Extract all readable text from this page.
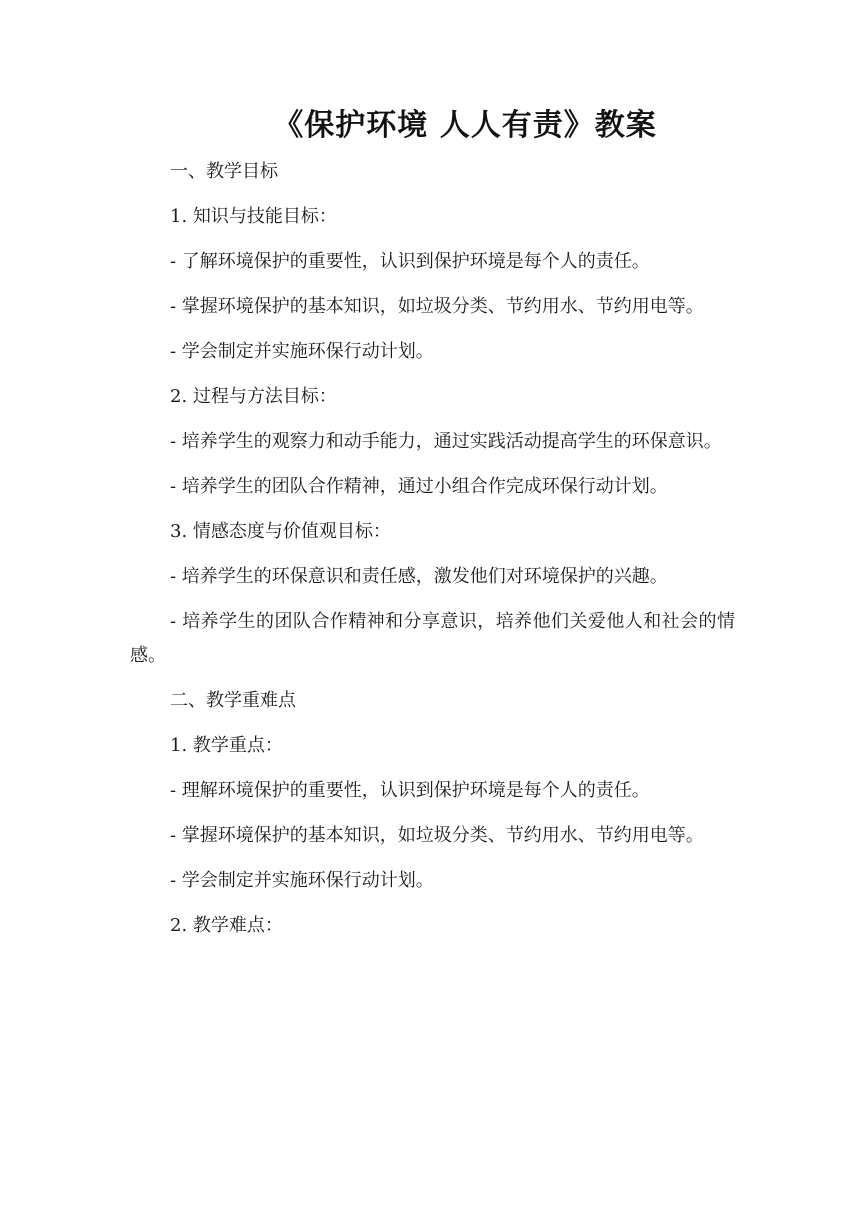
《保护环境 人人有责》教案

一、教学目标

1. 知识与技能目标：

- 了解环境保护的重要性，认识到保护环境是每个人的责任。

- 掌握环境保护的基本知识，如垃圾分类、节约用水、节约用电等。

- 学会制定并实施环保行动计划。

2. 过程与方法目标：

- 培养学生的观察力和动手能力，通过实践活动提高学生的环保意识。

- 培养学生的团队合作精神，通过小组合作完成环保行动计划。

3. 情感态度与价值观目标：

- 培养学生的环保意识和责任感，激发他们对环境保护的兴趣。

- 培养学生的团队合作精神和分享意识，培养他们关爱他人和社会的情感。

二、教学重难点

1. 教学重点：

- 理解环境保护的重要性，认识到保护环境是每个人的责任。

- 掌握环境保护的基本知识，如垃圾分类、节约用水、节约用电等。

- 学会制定并实施环保行动计划。

2. 教学难点：
